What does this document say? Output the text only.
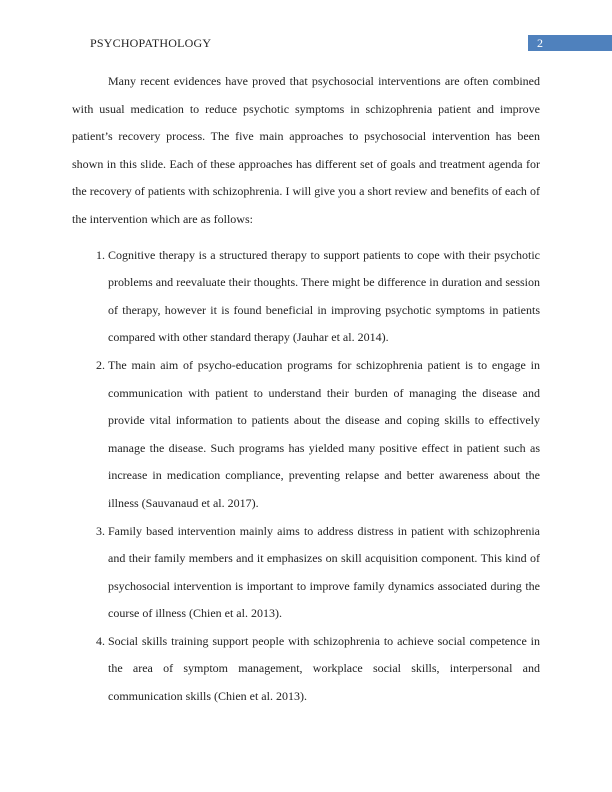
PSYCHOPATHOLOGY	2

Many recent evidences have proved that psychosocial interventions are often combined with usual medication to reduce psychotic symptoms in schizophrenia patient and improve patient’s recovery process. The five main approaches to psychosocial intervention has been shown in this slide. Each of these approaches has different set of goals and treatment agenda for the recovery of patients with schizophrenia. I will give you a short review and benefits of each of the intervention which are as follows:

1. Cognitive therapy is a structured therapy to support patients to cope with their psychotic problems and reevaluate their thoughts. There might be difference in duration and session of therapy, however it is found beneficial in improving psychotic symptoms in patients compared with other standard therapy (Jauhar et al. 2014).
2. The main aim of psycho-education programs for schizophrenia patient is to engage in communication with patient to understand their burden of managing the disease and provide vital information to patients about the disease and coping skills to effectively manage the disease. Such programs has yielded many positive effect in patient such as increase in medication compliance, preventing relapse and better awareness about the illness (Sauvanaud et al. 2017).
3. Family based intervention mainly aims to address distress in patient with schizophrenia and their family members and it emphasizes on skill acquisition component. This kind of psychosocial intervention is important to improve family dynamics associated during the course of illness (Chien et al. 2013).
4. Social skills training support people with schizophrenia to achieve social competence in the area of symptom management, workplace social skills, interpersonal and communication skills (Chien et al. 2013).
